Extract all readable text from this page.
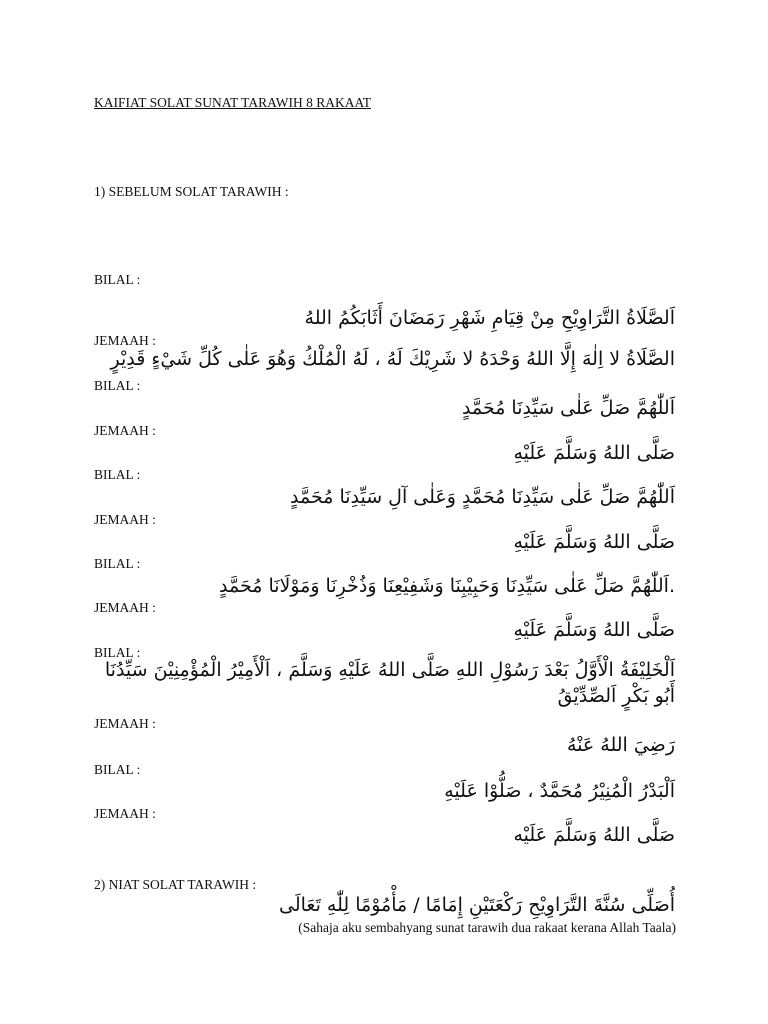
KAIFIAT SOLAT SUNAT TARAWIH 8 RAKAAT
1) SEBELUM SOLAT TARAWIH :
BILAL :
اَلصَّلَاةُ التَّرَاوِيْحِ مِنْ قِيَامِ شَهْرِ رَمَضَانَ أَثَابَكُمُ اللهُ
JEMAAH :
الصَّلَاةُ لا اِلٰهَ إِلَّا اللهُ وَحْدَهُ لا شَرِيْكَ لَهُ ، لَهُ الْمُلْكُ وَهُوَ عَلٰى كُلِّ شَيْءٍ قَدِيْرٍ
BILAL :
اَللّٰهُمَّ صَلِّ عَلٰى سَيِّدِنَا مُحَمَّدٍ
JEMAAH :
صَلَّى اللهُ وَسَلَّمَ عَلَيْهِ
BILAL :
اَللّٰهُمَّ صَلِّ عَلٰى سَيِّدِنَا مُحَمَّدٍ وَعَلٰى آلِ سَيِّدِنَا مُحَمَّدٍ
JEMAAH :
صَلَّى اللهُ وَسَلَّمَ عَلَيْهِ
BILAL :
.اَللّٰهُمَّ صَلِّ عَلٰى سَيِّدِنَا وَحَبِيْبِنَا وَشَفِيْعِنَا وَذُخْرِنَا وَمَوْلَانَا مُحَمَّدٍ
JEMAAH :
صَلَّى اللهُ وَسَلَّمَ عَلَيْهِ
BILAL :
اَلْخَلِيْفَةُ الْأَوَّلُ بَعْدَ رَسُوْلِ اللهِ صَلَّى اللهُ عَلَيْهِ وَسَلَّمَ ، اَلْأَمِيْرُ الْمُؤْمِنِيْنَ سَيِّدُنَا أَبُو بَكْرٍ اَلصِّدِّيْقُ
JEMAAH :
رَضِيَ اللهُ عَنْهُ
BILAL :
اَلْبَدْرُ الْمُنِيْرُ مُحَمَّدٌ ، صَلُّوْا عَلَيْهِ
JEMAAH :
صَلَّى اللهُ وَسَلَّمَ عَلَيْه
2) NIAT SOLAT TARAWIH :
أُصَلِّى سُنَّةَ التَّرَاوِيْحِ رَكْعَتَيْنِ إِمَامًا / مَأْمُوْمًا لِلّٰهِ تَعَالَى
(Sahaja aku sembahyang sunat tarawih dua rakaat kerana Allah Taala)
